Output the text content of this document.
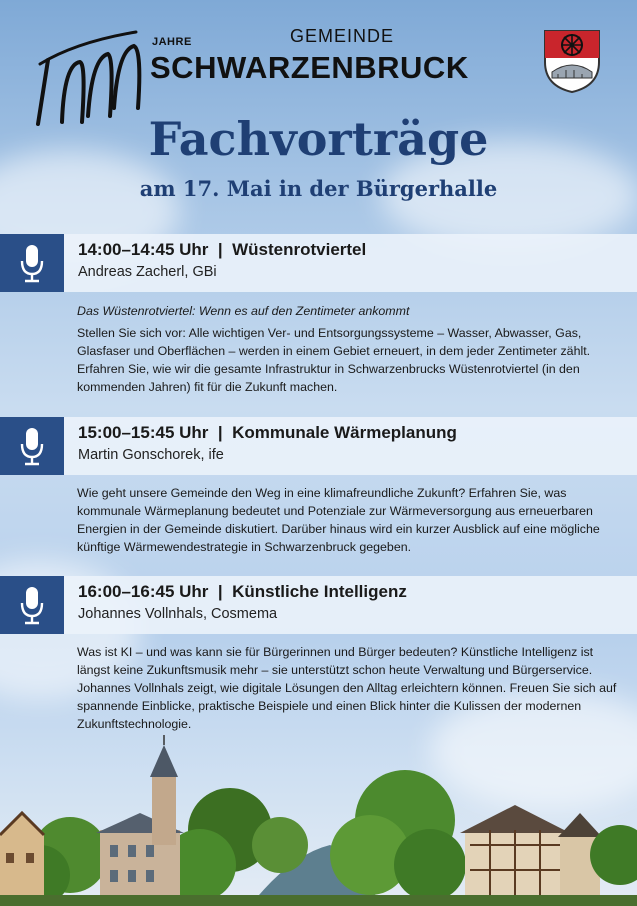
JAHRE	GEMEINDE
SCHWARZENBRUCK
Fachvorträge
am 17. Mai in der Bürgerhalle
14:00–14:45 Uhr | Wüstenrotviertel
Andreas Zacherl, GBi
Das Wüstenrotviertel: Wenn es auf den Zentimeter ankommt
Stellen Sie sich vor: Alle wichtigen Ver- und Entsorgungssysteme – Wasser, Abwasser, Gas, Glasfaser und Oberflächen – werden in einem Gebiet erneuert, in dem jeder Zentimeter zählt. Erfahren Sie, wie wir die gesamte Infrastruktur in Schwarzenbrucks Wüstenrotviertel (in den kommenden Jahren) fit für die Zukunft machen.
15:00–15:45 Uhr | Kommunale Wärmeplanung
Martin Gonschorek, ife
Wie geht unsere Gemeinde den Weg in eine klimafreundliche Zukunft? Erfahren Sie, was kommunale Wärmeplanung bedeutet und Potenziale zur Wärmeversorgung aus erneuerbaren Energien in der Gemeinde diskutiert. Darüber hinaus wird ein kurzer Ausblick auf eine mögliche künftige Wärmewendestrategie in Schwarzenbruck gegeben.
16:00–16:45 Uhr | Künstliche Intelligenz
Johannes Vollnhals, Cosmema
Was ist KI – und was kann sie für Bürgerinnen und Bürger bedeuten? Künstliche Intelligenz ist längst keine Zukunftsmusik mehr – sie unterstützt schon heute Verwaltung und Bürgerservice. Johannes Vollnhals zeigt, wie digitale Lösungen den Alltag erleichtern können. Freuen Sie sich auf spannende Einblicke, praktische Beispiele und einen Blick hinter die Kulissen der modernen Zukunftstechnologie.
